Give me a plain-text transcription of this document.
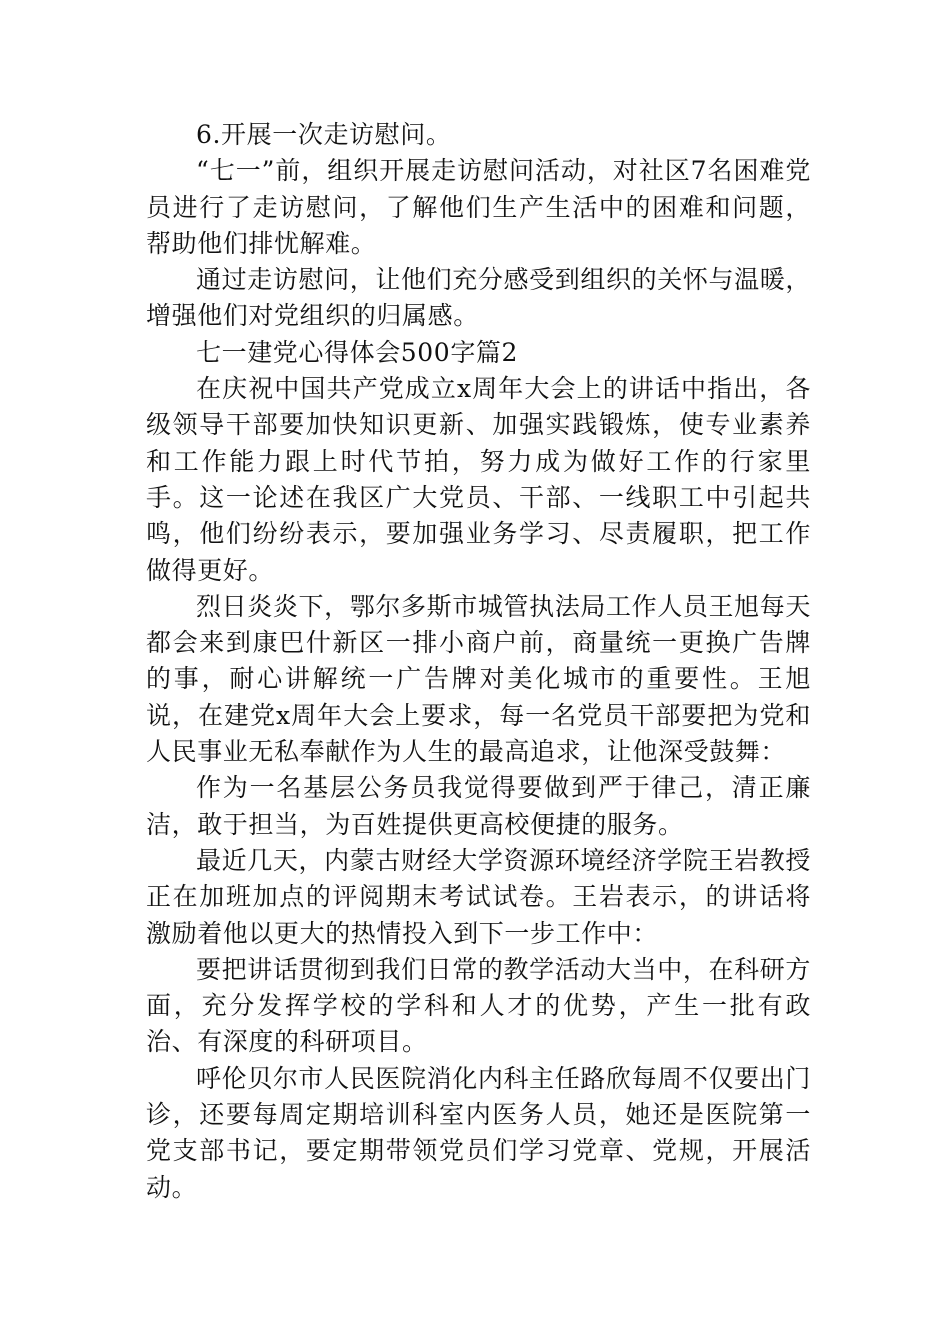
6.开展一次走访慰问。

“七一”前，组织开展走访慰问活动，对社区7名困难党员进行了走访慰问，了解他们生产生活中的困难和问题，帮助他们排忧解难。

通过走访慰问，让他们充分感受到组织的关怀与温暖，增强他们对党组织的归属感。

七一建党心得体会500字篇2

在庆祝中国共产党成立x周年大会上的讲话中指出，各级领导干部要加快知识更新、加强实践锻炼，使专业素养和工作能力跟上时代节拍，努力成为做好工作的行家里手。这一论述在我区广大党员、干部、一线职工中引起共鸣，他们纷纷表示，要加强业务学习、尽责履职，把工作做得更好。

烈日炎炎下，鄂尔多斯市城管执法局工作人员王旭每天都会来到康巴什新区一排小商户前，商量统一更换广告牌的事，耐心讲解统一广告牌对美化城市的重要性。王旭说，在建党x周年大会上要求，每一名党员干部要把为党和人民事业无私奉献作为人生的最高追求，让他深受鼓舞：

作为一名基层公务员我觉得要做到严于律己，清正廉洁，敢于担当，为百姓提供更高校便捷的服务。

最近几天，内蒙古财经大学资源环境经济学院王岩教授正在加班加点的评阅期末考试试卷。王岩表示，的讲话将激励着他以更大的热情投入到下一步工作中：

要把讲话贯彻到我们日常的教学活动大当中，在科研方面，充分发挥学校的学科和人才的优势，产生一批有政治、有深度的科研项目。

呼伦贝尔市人民医院消化内科主任路欣每周不仅要出门诊，还要每周定期培训科室内医务人员，她还是医院第一党支部书记，要定期带领党员们学习党章、党规，开展活动。
